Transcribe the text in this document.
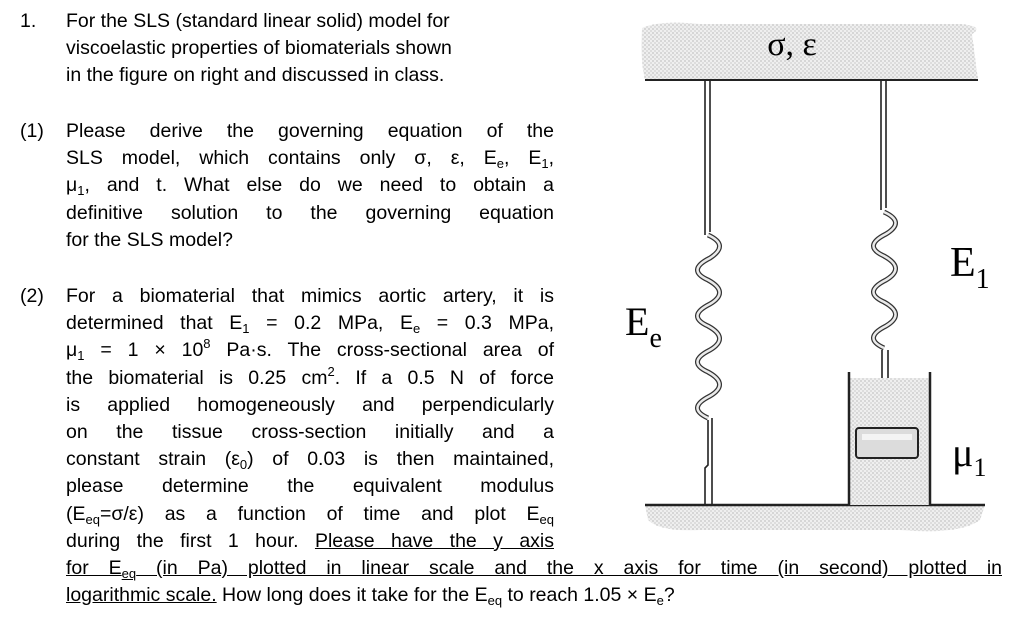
1. For the SLS (standard linear solid) model for
viscoelastic properties of biomaterials shown
in the figure on right and discussed in class.
(1) Please derive the governing equation of the
SLS model, which contains only σ, ε, $E_e$, $E_1$,
$\mu_1$, and t. What else do we need to obtain a
definitive solution to the governing equation
for the SLS model?
(2) For a biomaterial that mimics aortic artery, it is
determined that $E_1 = 0.2$ MPa, $E_e = 0.3$ MPa,
$\mu_1 = 1 \times 10^8$ Pa·s. The cross-sectional area of
the biomaterial is 0.25 $cm^2$. If a 0.5 N of force
is applied homogeneously and perpendicularly
on the tissue cross-section initially and a
constant strain $(\varepsilon_0)$ of 0.03 is then maintained,
please determine the equivalent modulus
$(E_{eq}=\sigma/\varepsilon)$ as a function of time and plot $E_{eq}$
during the first 1 hour. Please have the y axis
for $E_{eq}$ (in Pa) plotted in linear scale and the x axis for time (in second) plotted in
logarithmic scale. How long does it take for the $E_{eq}$ to reach $1.05 \times E_e$?
σ, ε
$E_e$
$E_1$
$\mu_1$
